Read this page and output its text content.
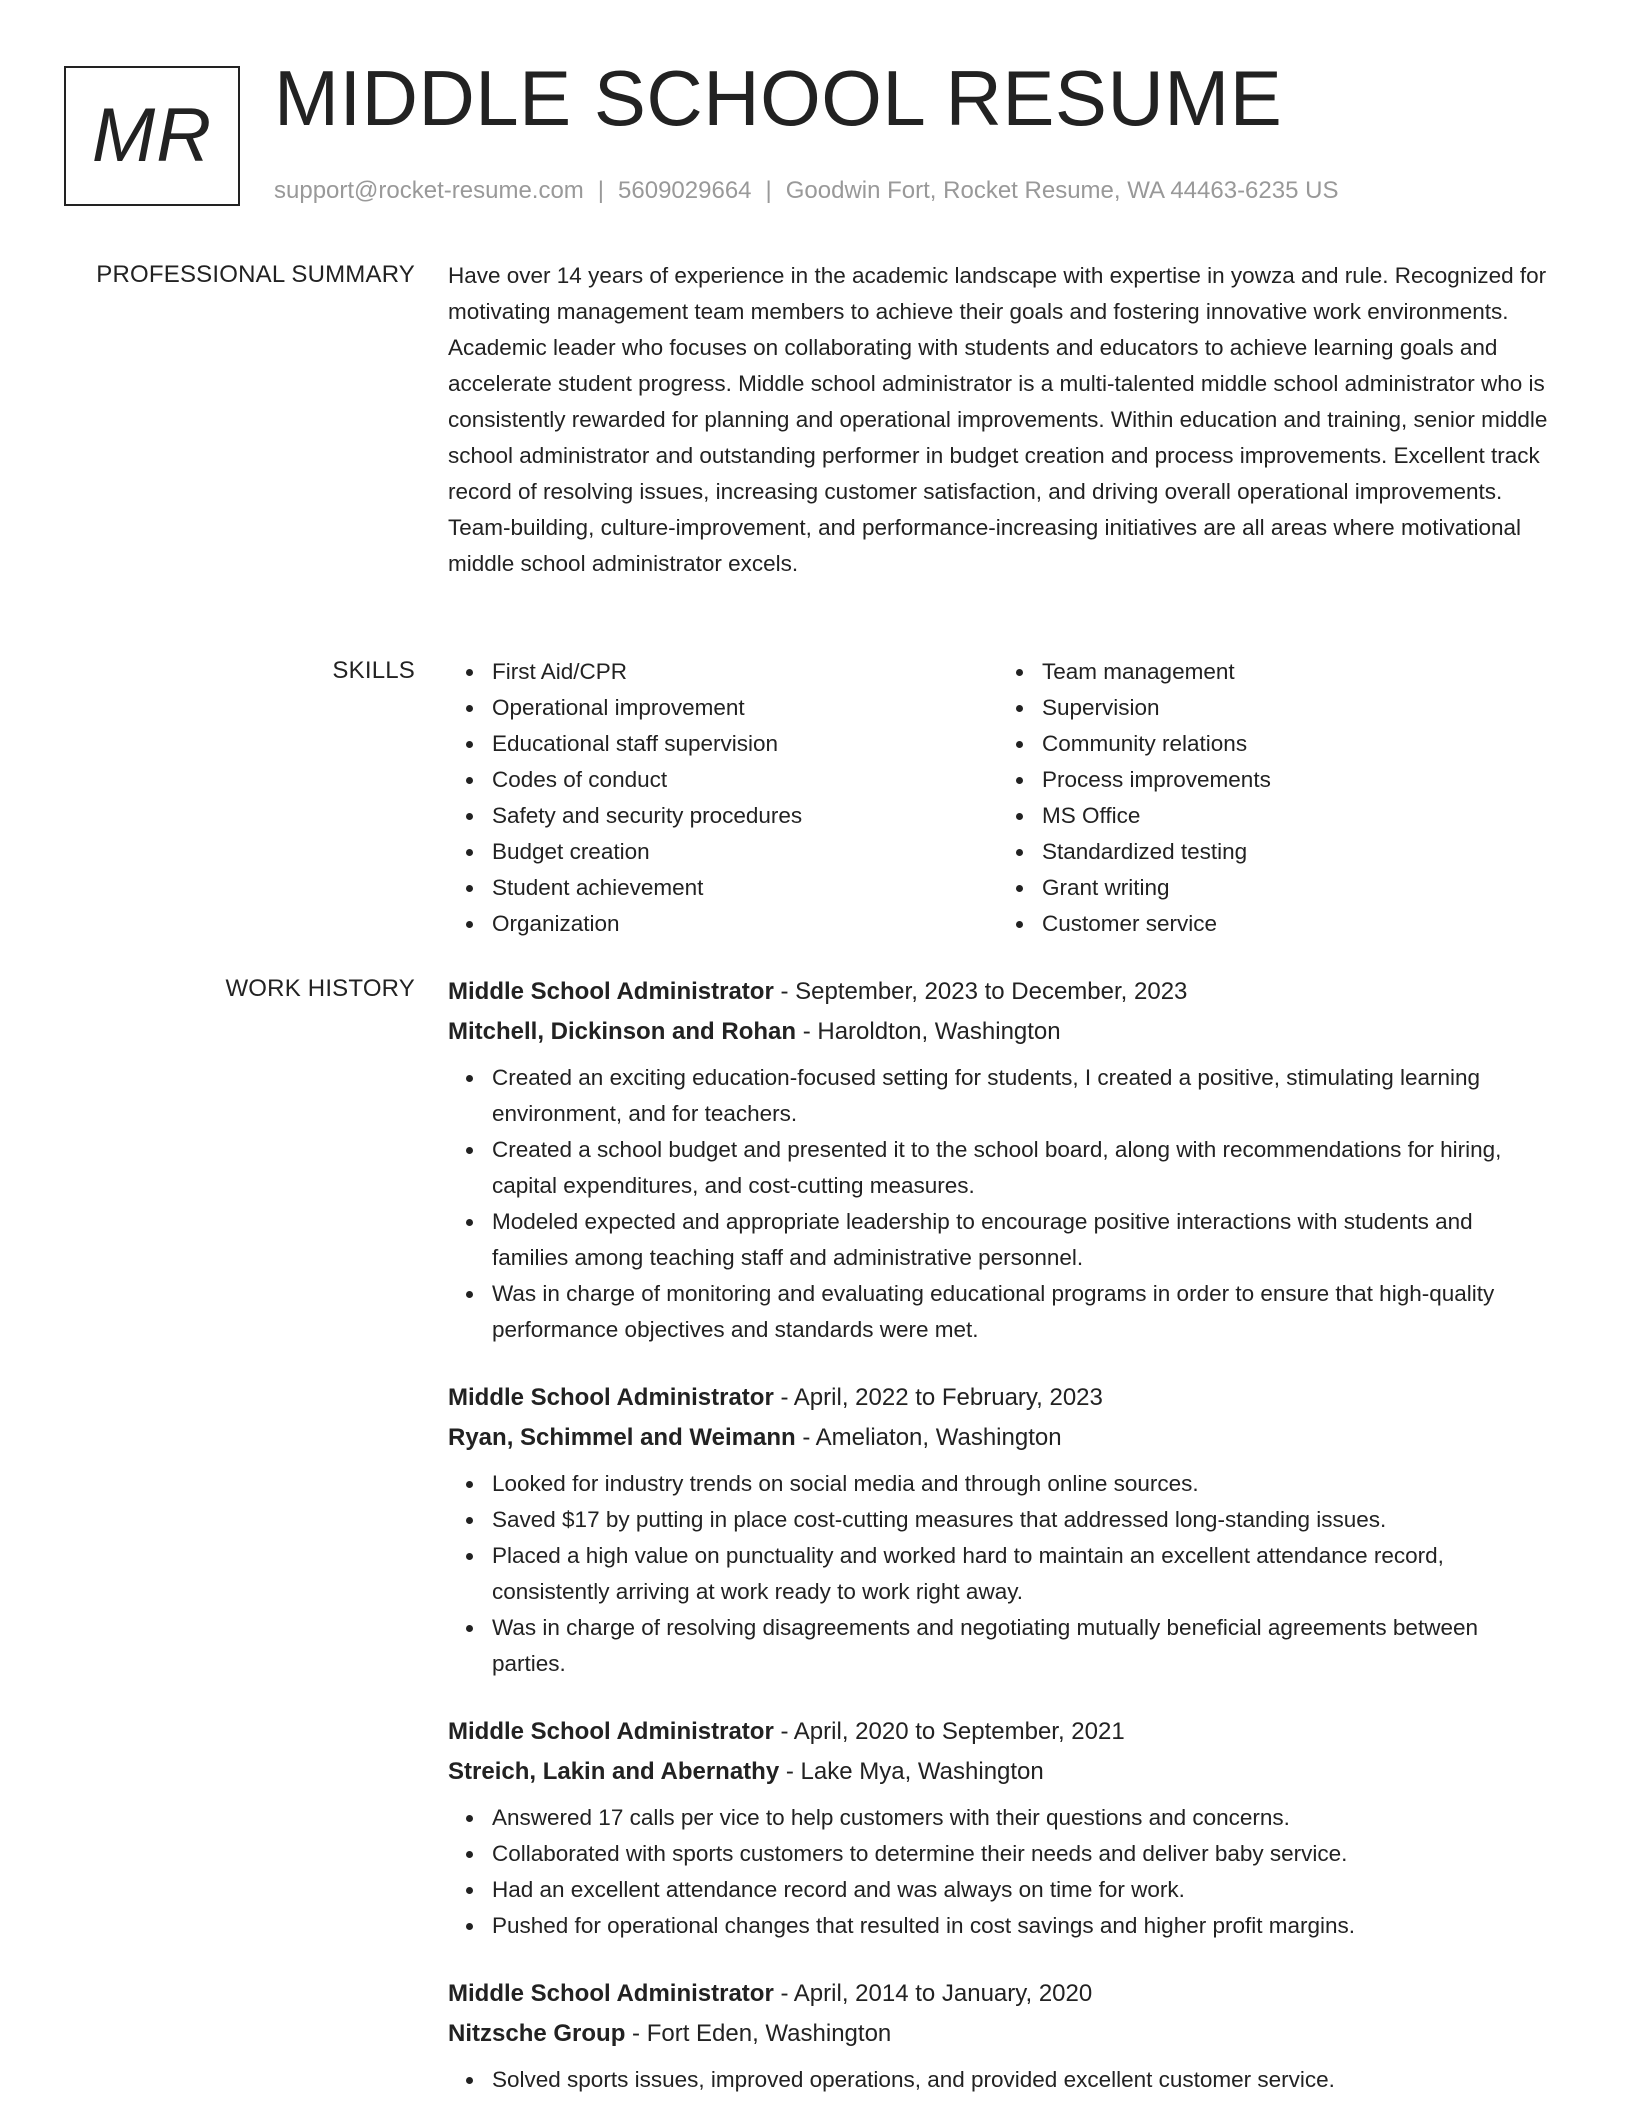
MR MIDDLE SCHOOL RESUME
support@rocket-resume.com | 5609029664 | Goodwin Fort, Rocket Resume, WA 44463-6235 US
PROFESSIONAL SUMMARY Have over 14 years of experience in the academic landscape with expertise in yowza and rule. Recognized for motivating management team members to achieve their goals and fostering innovative work environments. Academic leader who focuses on collaborating with students and educators to achieve learning goals and accelerate student progress. Middle school administrator is a multi-talented middle school administrator who is consistently rewarded for planning and operational improvements. Within education and training, senior middle school administrator and outstanding performer in budget creation and process improvements. Excellent track record of resolving issues, increasing customer satisfaction, and driving overall operational improvements. Team-building, culture-improvement, and performance-increasing initiatives are all areas where motivational middle school administrator excels.

SKILLS	First Aid/CPR
Operational improvement
Educational staff supervision
Codes of conduct
Safety and security procedures
Budget creation
Student achievement
Organization
Team management
Supervision
Community relations
Process improvements
MS Office
Standardized testing
Grant writing
Customer service
WORK HISTORY Middle School Administrator - September, 2023 to December, 2023
Mitchell, Dickinson and Rohan - Haroldton, Washington
Created an exciting education-focused setting for students, I created a positive, stimulating learning environment, and for teachers.
Created a school budget and presented it to the school board, along with recommendations for hiring, capital expenditures, and cost-cutting measures.
Modeled expected and appropriate leadership to encourage positive interactions with students and families among teaching staff and administrative personnel.
Was in charge of monitoring and evaluating educational programs in order to ensure that high-quality performance objectives and standards were met.
Middle School Administrator - April, 2022 to February, 2023
Ryan, Schimmel and Weimann - Ameliaton, Washington
Looked for industry trends on social media and through online sources.
Saved $17 by putting in place cost-cutting measures that addressed long-standing issues.
Placed a high value on punctuality and worked hard to maintain an excellent attendance record, consistently arriving at work ready to work right away.
Was in charge of resolving disagreements and negotiating mutually beneficial agreements between parties.
Middle School Administrator - April, 2020 to September, 2021
Streich, Lakin and Abernathy - Lake Mya, Washington
Answered 17 calls per vice to help customers with their questions and concerns.
Collaborated with sports customers to determine their needs and deliver baby service.
Had an excellent attendance record and was always on time for work.
Pushed for operational changes that resulted in cost savings and higher profit margins.
Middle School Administrator - April, 2014 to January, 2020
Nitzsche Group - Fort Eden, Washington
Solved sports issues, improved operations, and provided excellent customer service.
